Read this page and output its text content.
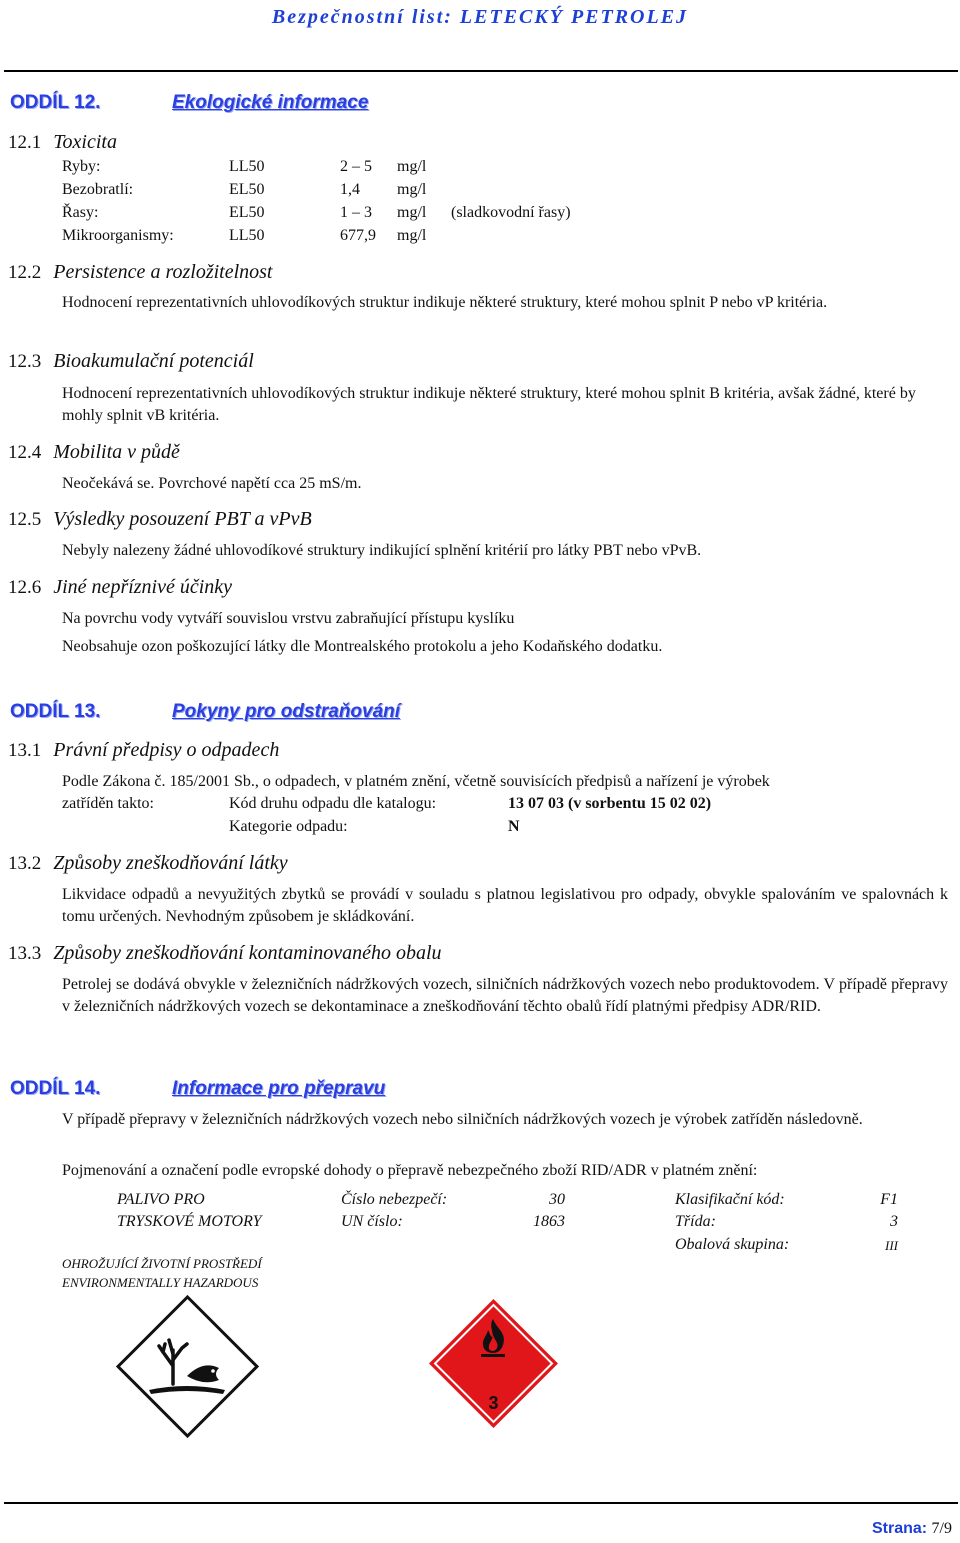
Bezpečnostní list: LETECKÝ PETROLEJ
ODDÍL 12.	Ekologické informace
12.1 Toxicita
Ryby:	LL50	2 – 5 mg/l
Bezobratlí:	EL50	1,4 mg/l
Řasy:	EL50	1 – 3 mg/l (sladkovodní řasy)
Mikroorganismy:	LL50	677,9 mg/l
12.2 Persistence a rozložitelnost
Hodnocení reprezentativních uhlovodíkových struktur indikuje některé struktury, které mohou splnit P nebo vP kritéria.
12.3 Bioakumulační potenciál
Hodnocení reprezentativních uhlovodíkových struktur indikuje některé struktury, které mohou splnit B kritéria, avšak žádné, které by mohly splnit vB kritéria.
12.4 Mobilita v půdě
Neočekává se. Povrchové napětí cca 25 mS/m.
12.5 Výsledky posouzení PBT a vPvB
Nebyly nalezeny žádné uhlovodíkové struktury indikující splnění kritérií pro látky PBT nebo vPvB.
12.6 Jiné nepříznivé účinky
Na povrchu vody vytváří souvislou vrstvu zabraňující přístupu kyslíku
Neobsahuje ozon poškozující látky dle Montrealského protokolu a jeho Kodaňského dodatku.
ODDÍL 13.	Pokyny pro odstraňování
13.1 Právní předpisy o odpadech
Podle Zákona č. 185/2001 Sb., o odpadech, v platném znění, včetně souvisících předpisů a nařízení je výrobek
zatříděn takto:	Kód druhu odpadu dle katalogu:	13 07 03 (v sorbentu 15 02 02)
Kategorie odpadu:	N
13.2 Způsoby zneškodňování látky
Likvidace odpadů a nevyužitých zbytků se provádí v souladu s platnou legislativou pro odpady, obvykle spalováním ve spalovnách k tomu určených. Nevhodným způsobem je skládkování.
13.3 Způsoby zneškodňování kontaminovaného obalu
Petrolej se dodává obvykle v železničních nádržkových vozech, silničních nádržkových vozech nebo produktovodem. V případě přepravy v železničních nádržkových vozech se dekontaminace a zneškodňování těchto obalů řídí platnými předpisy ADR/RID.
ODDÍL 14.	Informace pro přepravu
V případě přepravy v železničních nádržkových vozech nebo silničních nádržkových vozech je výrobek zatříděn následovně.
Pojmenování a označení podle evropské dohody o přepravě nebezpečného zboží RID/ADR v platném znění:
PALIVO PRO
TRYSKOVÉ MOTORY
Číslo nebezpečí:	30
UN číslo:	1863
Klasifikační kód:	F1
Třída:	3
Obalová skupina:	III
OHROŽUJÍCÍ ŽIVOTNÍ PROSTŘEDÍ
ENVIRONMENTALLY HAZARDOUS
3
Strana: 7/9
